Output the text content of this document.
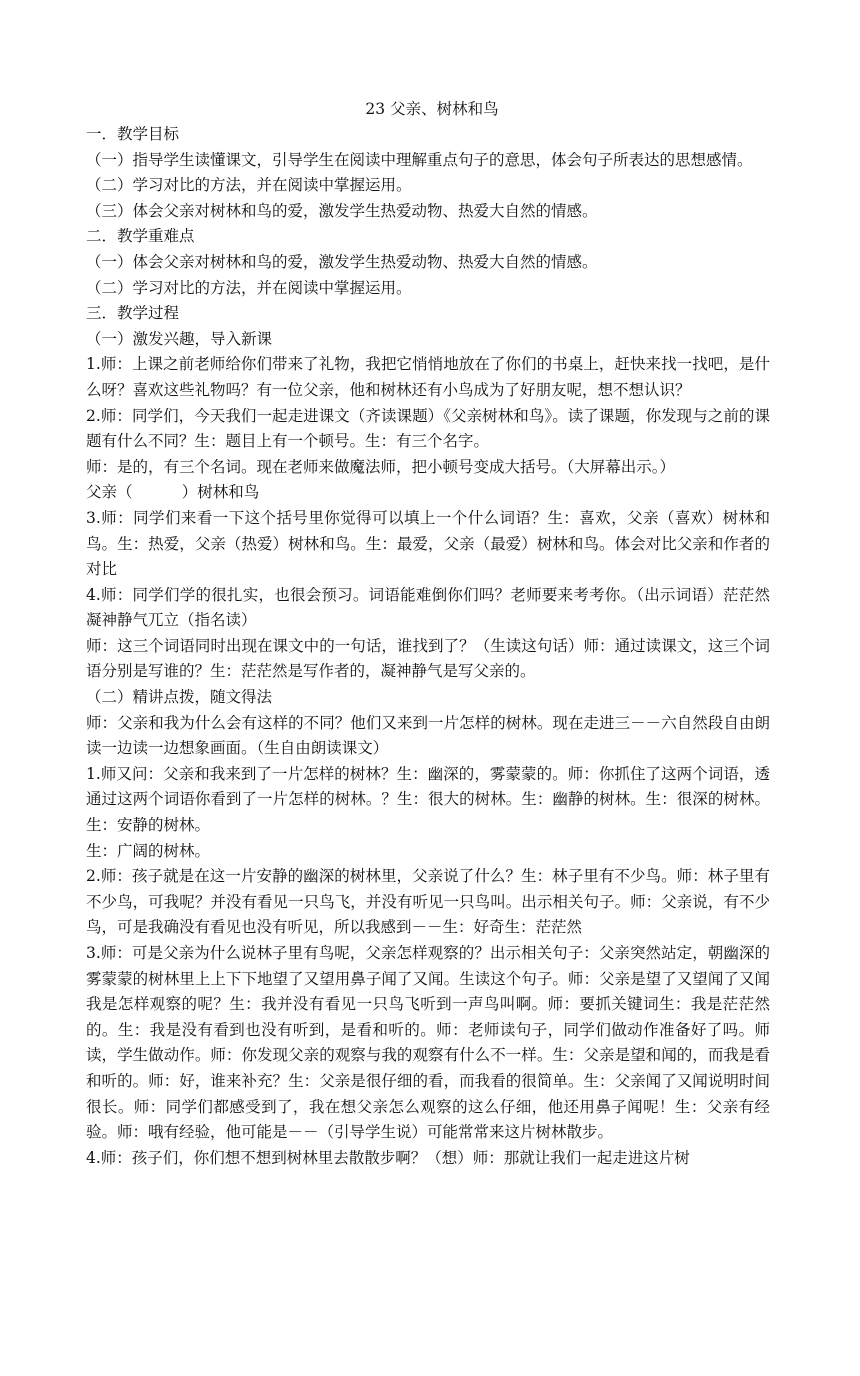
23 父亲、树林和鸟

一．教学目标

（一）指导学生读懂课文，引导学生在阅读中理解重点句子的意思，体会句子所表达的思想感情。

（二）学习对比的方法，并在阅读中掌握运用。

（三）体会父亲对树林和鸟的爱，激发学生热爱动物、热爱大自然的情感。

二．教学重难点

（一）体会父亲对树林和鸟的爱，激发学生热爱动物、热爱大自然的情感。

（二）学习对比的方法，并在阅读中掌握运用。

三．教学过程

（一）激发兴趣，导入新课

1.师：上课之前老师给你们带来了礼物，我把它悄悄地放在了你们的书桌上，赶快来找一找吧，是什么呀？喜欢这些礼物吗？有一位父亲，他和树林还有小鸟成为了好朋友呢，想不想认识？

2.师：同学们，今天我们一起走进课文（齐读课题）《父亲树林和鸟》。读了课题，你发现与之前的课题有什么不同？生：题目上有一个顿号。生：有三个名字。

师：是的，有三个名词。现在老师来做魔法师，把小顿号变成大括号。（大屏幕出示。）

父亲（          ）树林和鸟

3.师：同学们来看一下这个括号里你觉得可以填上一个什么词语？生：喜欢，父亲（喜欢）树林和鸟。生：热爱，父亲（热爱）树林和鸟。生：最爱，父亲（最爱）树林和鸟。体会对比父亲和作者的对比

4.师：同学们学的很扎实，也很会预习。词语能难倒你们吗？老师要来考考你。（出示词语）茫茫然凝神静气兀立（指名读）

师：这三个词语同时出现在课文中的一句话，谁找到了？（生读这句话）师：通过读课文，这三个词语分别是写谁的？生：茫茫然是写作者的，凝神静气是写父亲的。

（二）精讲点拨，随文得法

师：父亲和我为什么会有这样的不同？他们又来到一片怎样的树林。现在走进三－－六自然段自由朗读一边读一边想象画面。（生自由朗读课文）

1.师又问：父亲和我来到了一片怎样的树林？生：幽深的，雾蒙蒙的。师：你抓住了这两个词语，透通过这两个词语你看到了一片怎样的树林。？生：很大的树林。生：幽静的树林。生：很深的树林。生：安静的树林。

生：广阔的树林。

2.师：孩子就是在这一片安静的幽深的树林里，父亲说了什么？生：林子里有不少鸟。师：林子里有不少鸟，可我呢？并没有看见一只鸟飞，并没有听见一只鸟叫。出示相关句子。师：父亲说，有不少鸟，可是我确没有看见也没有听见，所以我感到－－生：好奇生：茫茫然

3.师：可是父亲为什么说林子里有鸟呢，父亲怎样观察的？出示相关句子：父亲突然站定，朝幽深的雾蒙蒙的树林里上上下下地望了又望用鼻子闻了又闻。生读这个句子。师：父亲是望了又望闻了又闻我是怎样观察的呢？生：我并没有看见一只鸟飞听到一声鸟叫啊。师：要抓关键词生：我是茫茫然的。生：我是没有看到也没有听到，是看和听的。师：老师读句子，同学们做动作准备好了吗。师读，学生做动作。师：你发现父亲的观察与我的观察有什么不一样。生：父亲是望和闻的，而我是看和听的。师：好，谁来补充？生：父亲是很仔细的看，而我看的很简单。生：父亲闻了又闻说明时间很长。师：同学们都感受到了，我在想父亲怎么观察的这么仔细，他还用鼻子闻呢！生：父亲有经验。师：哦有经验，他可能是－－（引导学生说）可能常常来这片树林散步。

4.师：孩子们，你们想不想到树林里去散散步啊？（想）师：那就让我们一起走进这片树
